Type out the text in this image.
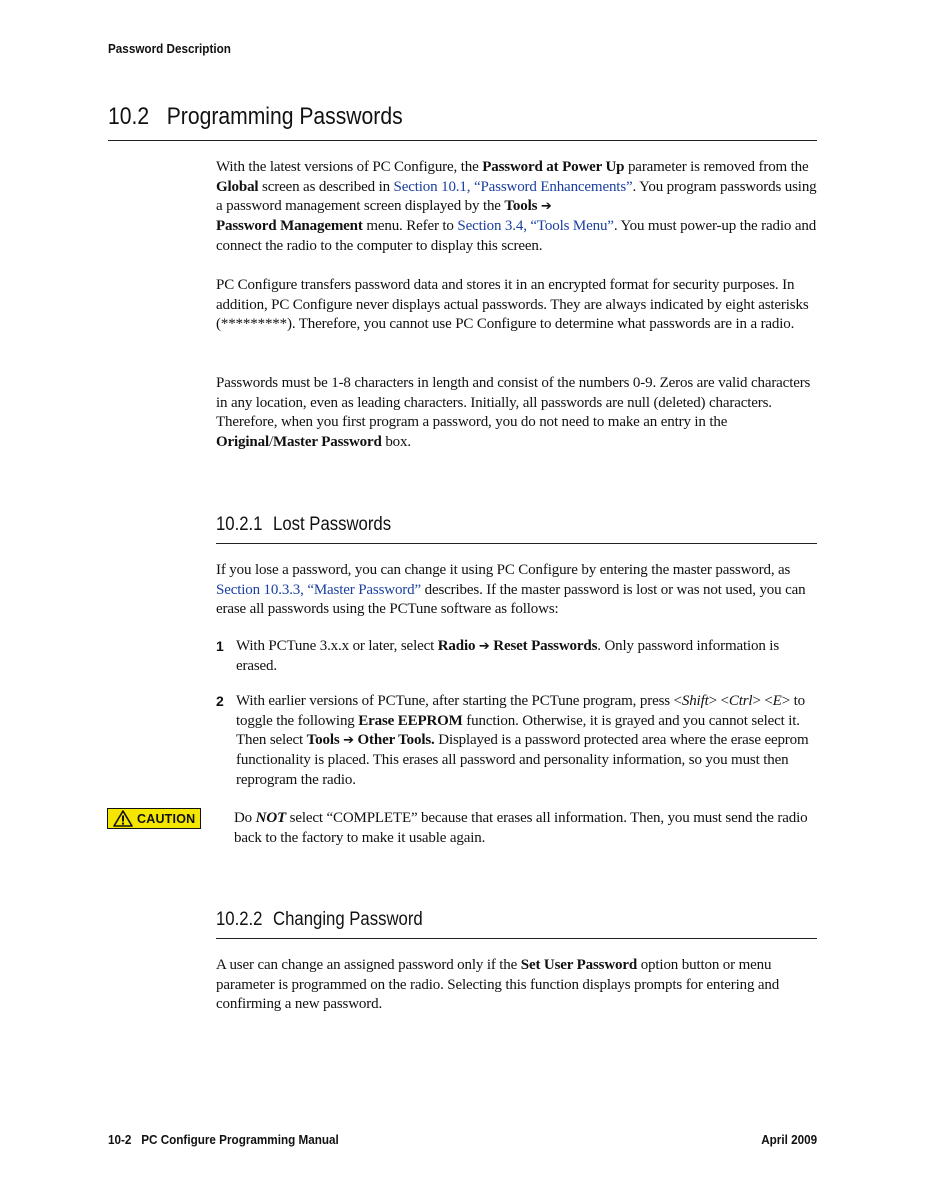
Password Description
10.2 Programming Passwords
With the latest versions of PC Configure, the Password at Power Up parameter is removed from the Global screen as described in Section 10.1, “Password Enhancements”. You program passwords using a password management screen displayed by the Tools ➔
Password Management menu. Refer to Section 3.4, “Tools Menu”. You must power-up the radio and connect the radio to the computer to display this screen.
PC Configure transfers password data and stores it in an encrypted format for security purposes. In addition, PC Configure never displays actual passwords. They are always indicated by eight asterisks (*********). Therefore, you cannot use PC Configure to determine what passwords are in a radio.
Passwords must be 1-8 characters in length and consist of the numbers 0-9. Zeros are valid characters in any location, even as leading characters. Initially, all passwords are null (deleted) characters. Therefore, when you first program a password, you do not need to make an entry in the Original/Master Password box.
10.2.1 Lost Passwords
If you lose a password, you can change it using PC Configure by entering the master password, as Section 10.3.3, “Master Password” describes. If the master password is lost or was not used, you can erase all passwords using the PCTune software as follows:
1 With PCTune 3.x.x or later, select Radio ➔ Reset Passwords. Only password information is erased.
2 With earlier versions of PCTune, after starting the PCTune program, press <Shift> <Ctrl> <E> to toggle the following Erase EEPROM function. Otherwise, it is grayed and you cannot select it. Then select Tools ➔ Other Tools. Displayed is a password protected area where the erase eeprom functionality is placed. This erases all password and personality information, so you must then reprogram the radio.
CAUTION	Do NOT select “COMPLETE” because that erases all information. Then, you must send the radio back to the factory to make it usable again.
10.2.2 Changing Password
A user can change an assigned password only if the Set User Password option button or menu parameter is programmed on the radio. Selecting this function displays prompts for entering and confirming a new password.
10-2 PC Configure Programming Manual	April 2009
